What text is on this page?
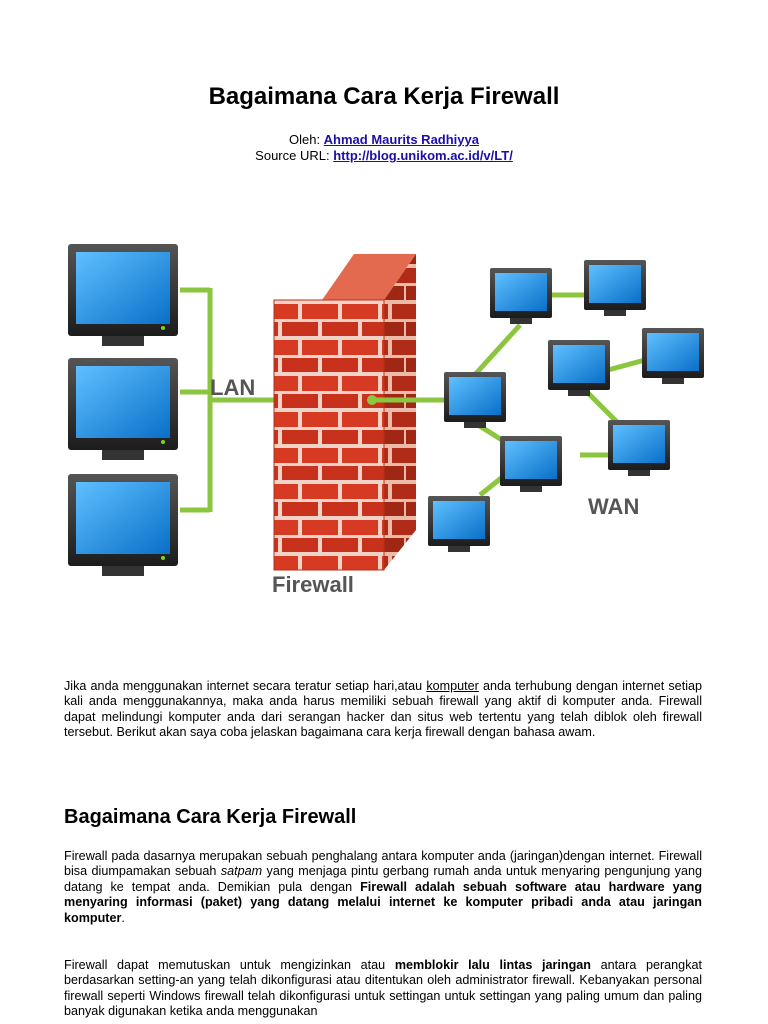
Bagaimana Cara Kerja Firewall
Oleh: Ahmad Maurits Radhiyya
Source URL: http://blog.unikom.ac.id/v/LT/
LAN
Firewall
WAN
Jika anda menggunakan internet secara teratur setiap hari,atau komputer anda terhubung dengan internet setiap kali anda menggunakannya, maka anda harus memiliki sebuah firewall yang aktif di komputer anda. Firewall dapat melindungi komputer anda dari serangan hacker dan situs web tertentu yang telah diblok oleh firewall tersebut. Berikut akan saya coba jelaskan bagaimana cara kerja firewall dengan bahasa awam.
Bagaimana Cara Kerja Firewall
Firewall pada dasarnya merupakan sebuah penghalang antara komputer anda (jaringan)dengan internet. Firewall bisa diumpamakan sebuah satpam yang menjaga pintu gerbang rumah anda untuk menyaring pengunjung yang datang ke tempat anda. Demikian pula dengan Firewall adalah sebuah software atau hardware yang menyaring informasi (paket) yang datang melalui internet ke komputer pribadi anda atau jaringan komputer.
Firewall dapat memutuskan untuk mengizinkan atau memblokir lalu lintas jaringan antara perangkat berdasarkan setting-an yang telah dikonfigurasi atau ditentukan oleh administrator firewall. Kebanyakan personal firewall seperti Windows firewall telah dikonfigurasi untuk settingan untuk settingan yang paling umum dan paling banyak digunakan ketika anda menggunakan
